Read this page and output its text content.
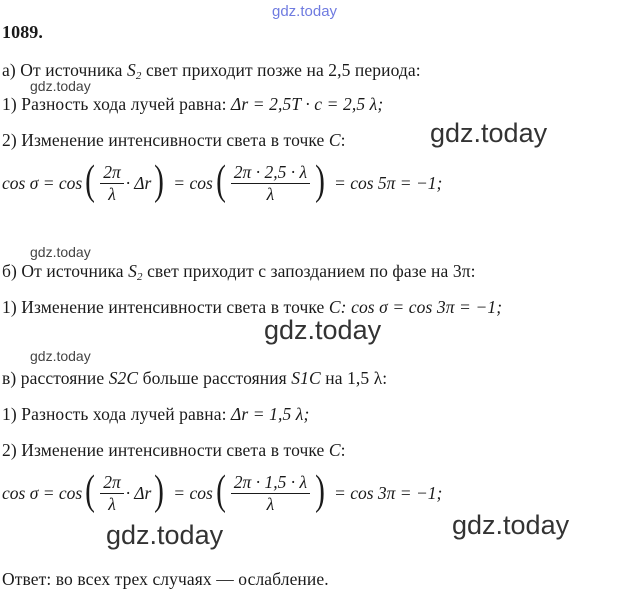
gdz.today
1089.
а) От источника $S_2$ свет приходит позже на 2,5 периода:
gdz.today
1) Разность хода лучей равна: Δr = 2,5T · c = 2,5 λ;
2) Изменение интенсивности света в точке C:	gdz.today
cos σ = cos ( $\frac{2\pi}{\lambda} \cdot \Delta r$ ) = cos ( $\frac{2\pi \cdot 2,5 \cdot \lambda}{\lambda}$ ) = cos 5π = −1;
gdz.today
б) От источника $S_2$ свет приходит с запозданием по фазе на 3π:
1) Изменение интенсивности света в точке C: cos σ = cos 3π = −1;
gdz.today
gdz.today
в) расстояние S2C больше расстояния S1C на 1,5 λ:
1) Разность хода лучей равна: Δr = 1,5 λ;
2) Изменение интенсивности света в точке C:
cos σ = cos ( $\frac{2\pi}{\lambda} \cdot \Delta r$ ) = cos ( $\frac{2\pi \cdot 1,5 \cdot \lambda}{\lambda}$ ) = cos 3π = −1;
gdz.today
gdz.today
Ответ: во всех трех случаях — ослабление.
